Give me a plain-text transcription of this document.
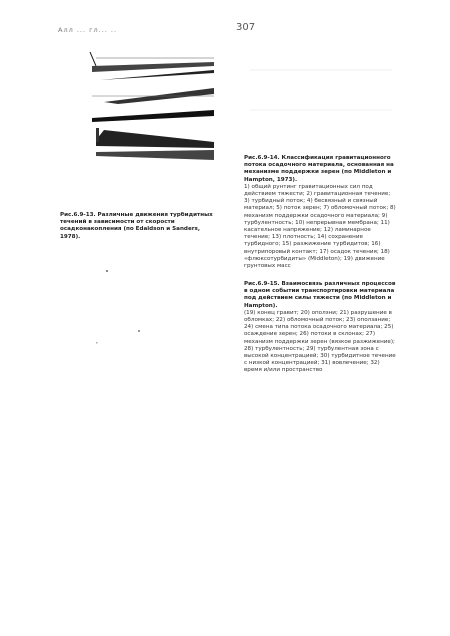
Алл ... гл... ..	307
Рис.6.9-13. Различные движения турбидитных течений в зависимости от скорости осадконакопления (по Edaldson и Sanders, 1978).
Рис.6.9-14. Классификация гравитационного потока осадочного материала, основанная на механизме поддержки зерен (по Middleton и Hampton, 1973).
1) общий рунтинг гравитационных сил под действием тяжести; 2) гравитационная течение; 3) турбидный поток; 4) бесвязный и связный материал; 5) поток зерен; 7) обломочный поток; 8) механизм поддержки осадочного материала; 9) турбулентность; 10) непрерывная мембрана; 11) касательное напряжение; 12) ламинарное течение; 13) плотность; 14) сохранение турбидного; 15) разжижение турбидитов; 16) внутрипоровый контакт; 17) осадок течения; 18) «флюксотурбидиты» (Middleton); 19) движение грунтовых масс
Рис.6.9-15. Взаимосвязь различных процессов в одном событии транспортировки материала под действием силы тяжести (по Middleton и Hampton).
(19) конец гравит; 20) оползни; 21) разрушение в обломках; 22) обломочный поток; 23) оползание; 24) смена типа потока осадочного материала; 25) осаждение зерен; 26) потоки в склонах; 27) механизм поддержки зерен (вязкое разжижение); 28) турбулентность; 29) турбулентная зона с высокой концентрацией; 30) турбидитное течение с низкой концентрацией; 31) вовлечение; 32) время и/или пространство
